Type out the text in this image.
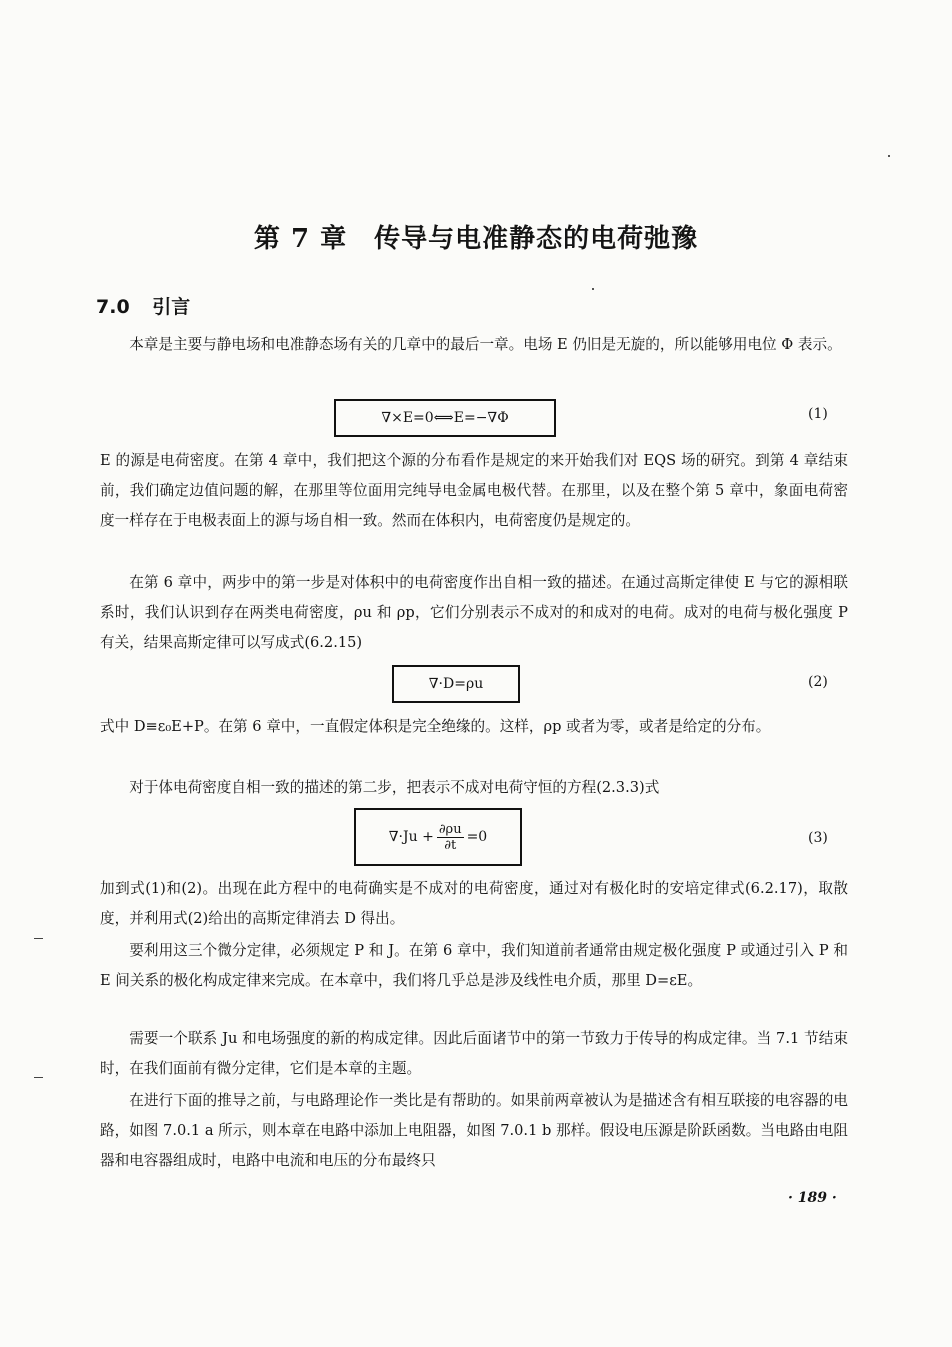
第 7 章　传导与电准静态的电荷弛豫
7.0 引言

本章是主要与静电场和电准静态场有关的几章中的最后一章。电场 E 仍旧是无旋的，所以能够用电位 Φ 表示。

∇×E=0⟺E=−∇Φ	(1)

E 的源是电荷密度。在第 4 章中，我们把这个源的分布看作是规定的来开始我们对 EQS 场的研究。到第 4 章结束前，我们确定边值问题的解，在那里等位面用完纯导电金属电极代替。在那里，以及在整个第 5 章中，象面电荷密度一样存在于电极表面上的源与场自相一致。然而在体积内，电荷密度仍是规定的。

在第 6 章中，两步中的第一步是对体积中的电荷密度作出自相一致的描述。在通过高斯定律使 E 与它的源相联系时，我们认识到存在两类电荷密度，ρu 和 ρp，它们分别表示不成对的和成对的电荷。成对的电荷与极化强度 P 有关，结果高斯定律可以写成式(6.2.15)

∇·D=ρu	(2)

式中 D≡ε₀E+P。在第 6 章中，一直假定体积是完全绝缘的。这样，ρp 或者为零，或者是给定的分布。

对于体电荷密度自相一致的描述的第二步，把表示不成对电荷守恒的方程(2.3.3)式

$\nabla\cdot Ju + \frac{\partial\rho u}{\partial t} =0$	(3)

加到式(1)和(2)。出现在此方程中的电荷确实是不成对的电荷密度，通过对有极化时的安培定律式(6.2.17)，取散度，并利用式(2)给出的高斯定律消去 D 得出。

要利用这三个微分定律，必须规定 P 和 J。在第 6 章中，我们知道前者通常由规定极化强度 P 或通过引入 P 和 E 间关系的极化构成定律来完成。在本章中，我们将几乎总是涉及线性电介质，那里 D=εE。

需要一个联系 Ju 和电场强度的新的构成定律。因此后面诸节中的第一节致力于传导的构成定律。当 7.1 节结束时，在我们面前有微分定律，它们是本章的主题。

在进行下面的推导之前，与电路理论作一类比是有帮助的。如果前两章被认为是描述含有相互联接的电容器的电路，如图 7.0.1 a 所示，则本章在电路中添加上电阻器，如图 7.0.1 b 那样。假设电压源是阶跃函数。当电路由电阻器和电容器组成时，电路中电流和电压的分布最终只

· 189 ·
